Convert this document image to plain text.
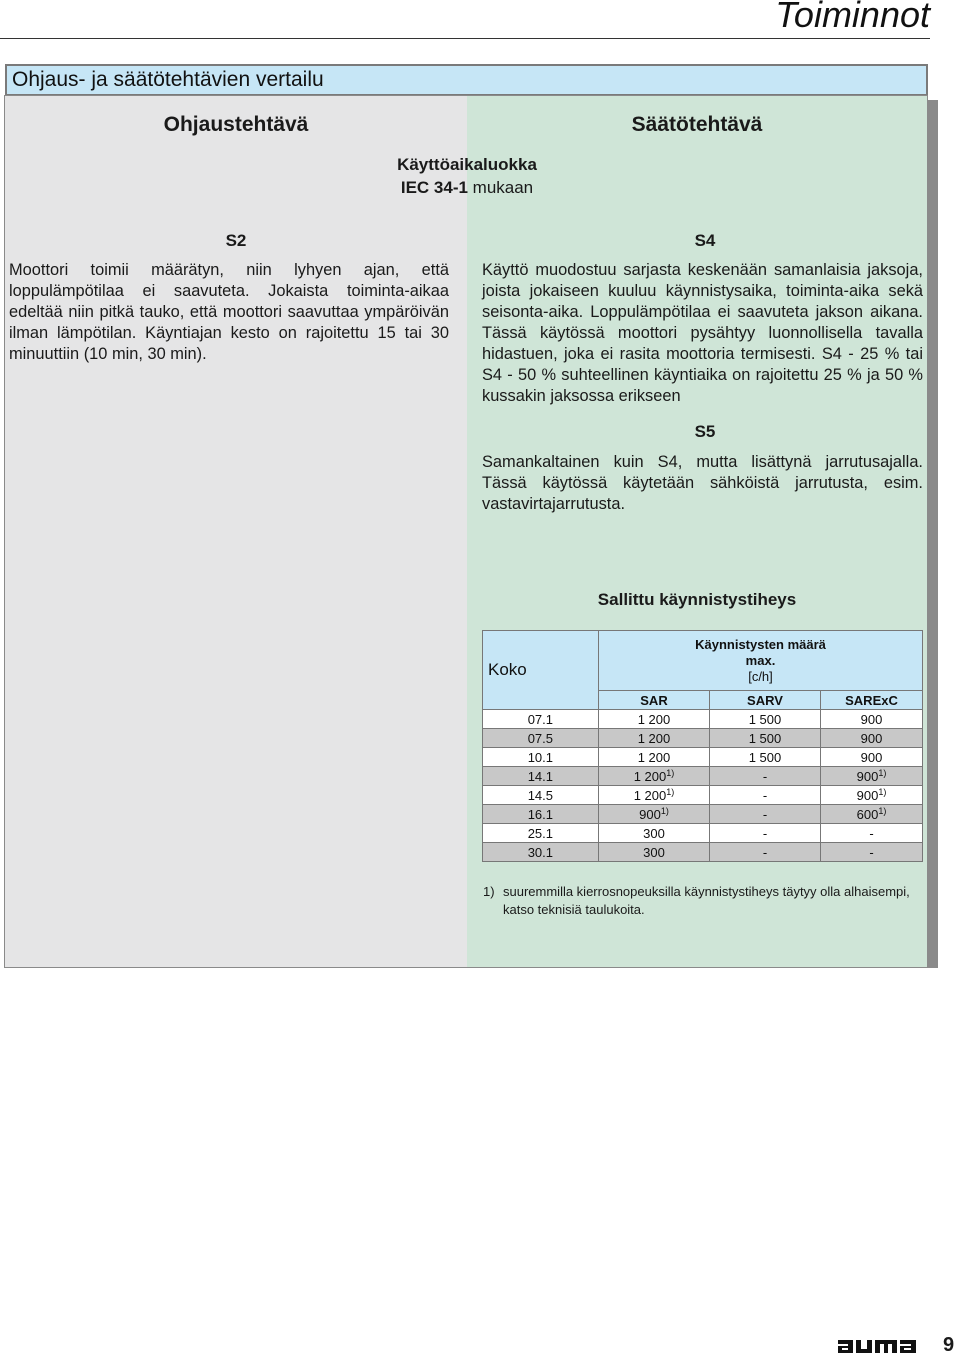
Toiminnot
Ohjaus- ja säätötehtävien vertailu
Ohjaustehtävä	Säätötehtävä
Käyttöaikaluokka
IEC 34-1 mukaan
S2
Moottori toimii määrätyn, niin lyhyen ajan, että loppulämpötilaa ei saavuteta. Jokaista toiminta-aikaa edeltää niin pitkä tauko, että moottori saavuttaa ympäröivän ilman lämpötilan. Käyntiajan kesto on rajoitettu 15 tai 30 minuuttiin (10 min, 30 min).
S4
Käyttö muodostuu sarjasta keskenään samanlaisia jaksoja, joista jokaiseen kuuluu käynnistysaika, toiminta-aika sekä seisonta-aika. Loppulämpötilaa ei saavuteta jakson aikana. Tässä käytössä moottori pysähtyy luonnollisella tavalla hidastuen, joka ei rasita moottoria termisesti. S4 - 25 % tai S4 - 50 % suhteellinen käyntiaika on rajoitettu 25 % ja 50 % kussakin jaksossa erikseen
S5
Samankaltainen kuin S4, mutta lisättynä jarrutusajalla. Tässä käytössä käytetään sähköistä jarrutusta, esim. vastavirtajarrutusta.
Sallittu käynnistystiheys
Koko	Käynnistysten määrä
max.
[c/h]		

	SAR	SARV	SARExC
07.1	1 200	1 500	900
07.5	1 200	1 500	900
10.1	1 200	1 500	900
14.1	1 200$^{1)}$	-	900$^{1)}$
14.5	1 200$^{1)}$	-	900$^{1)}$
16.1	900$^{1)}$	-	600$^{1)}$
25.1	300	-	-
30.1	300	-	-
1) suuremmilla kierrosnopeuksilla käynnistystiheys täytyy olla alhaisempi, katso teknisiä taulukoita.
9
